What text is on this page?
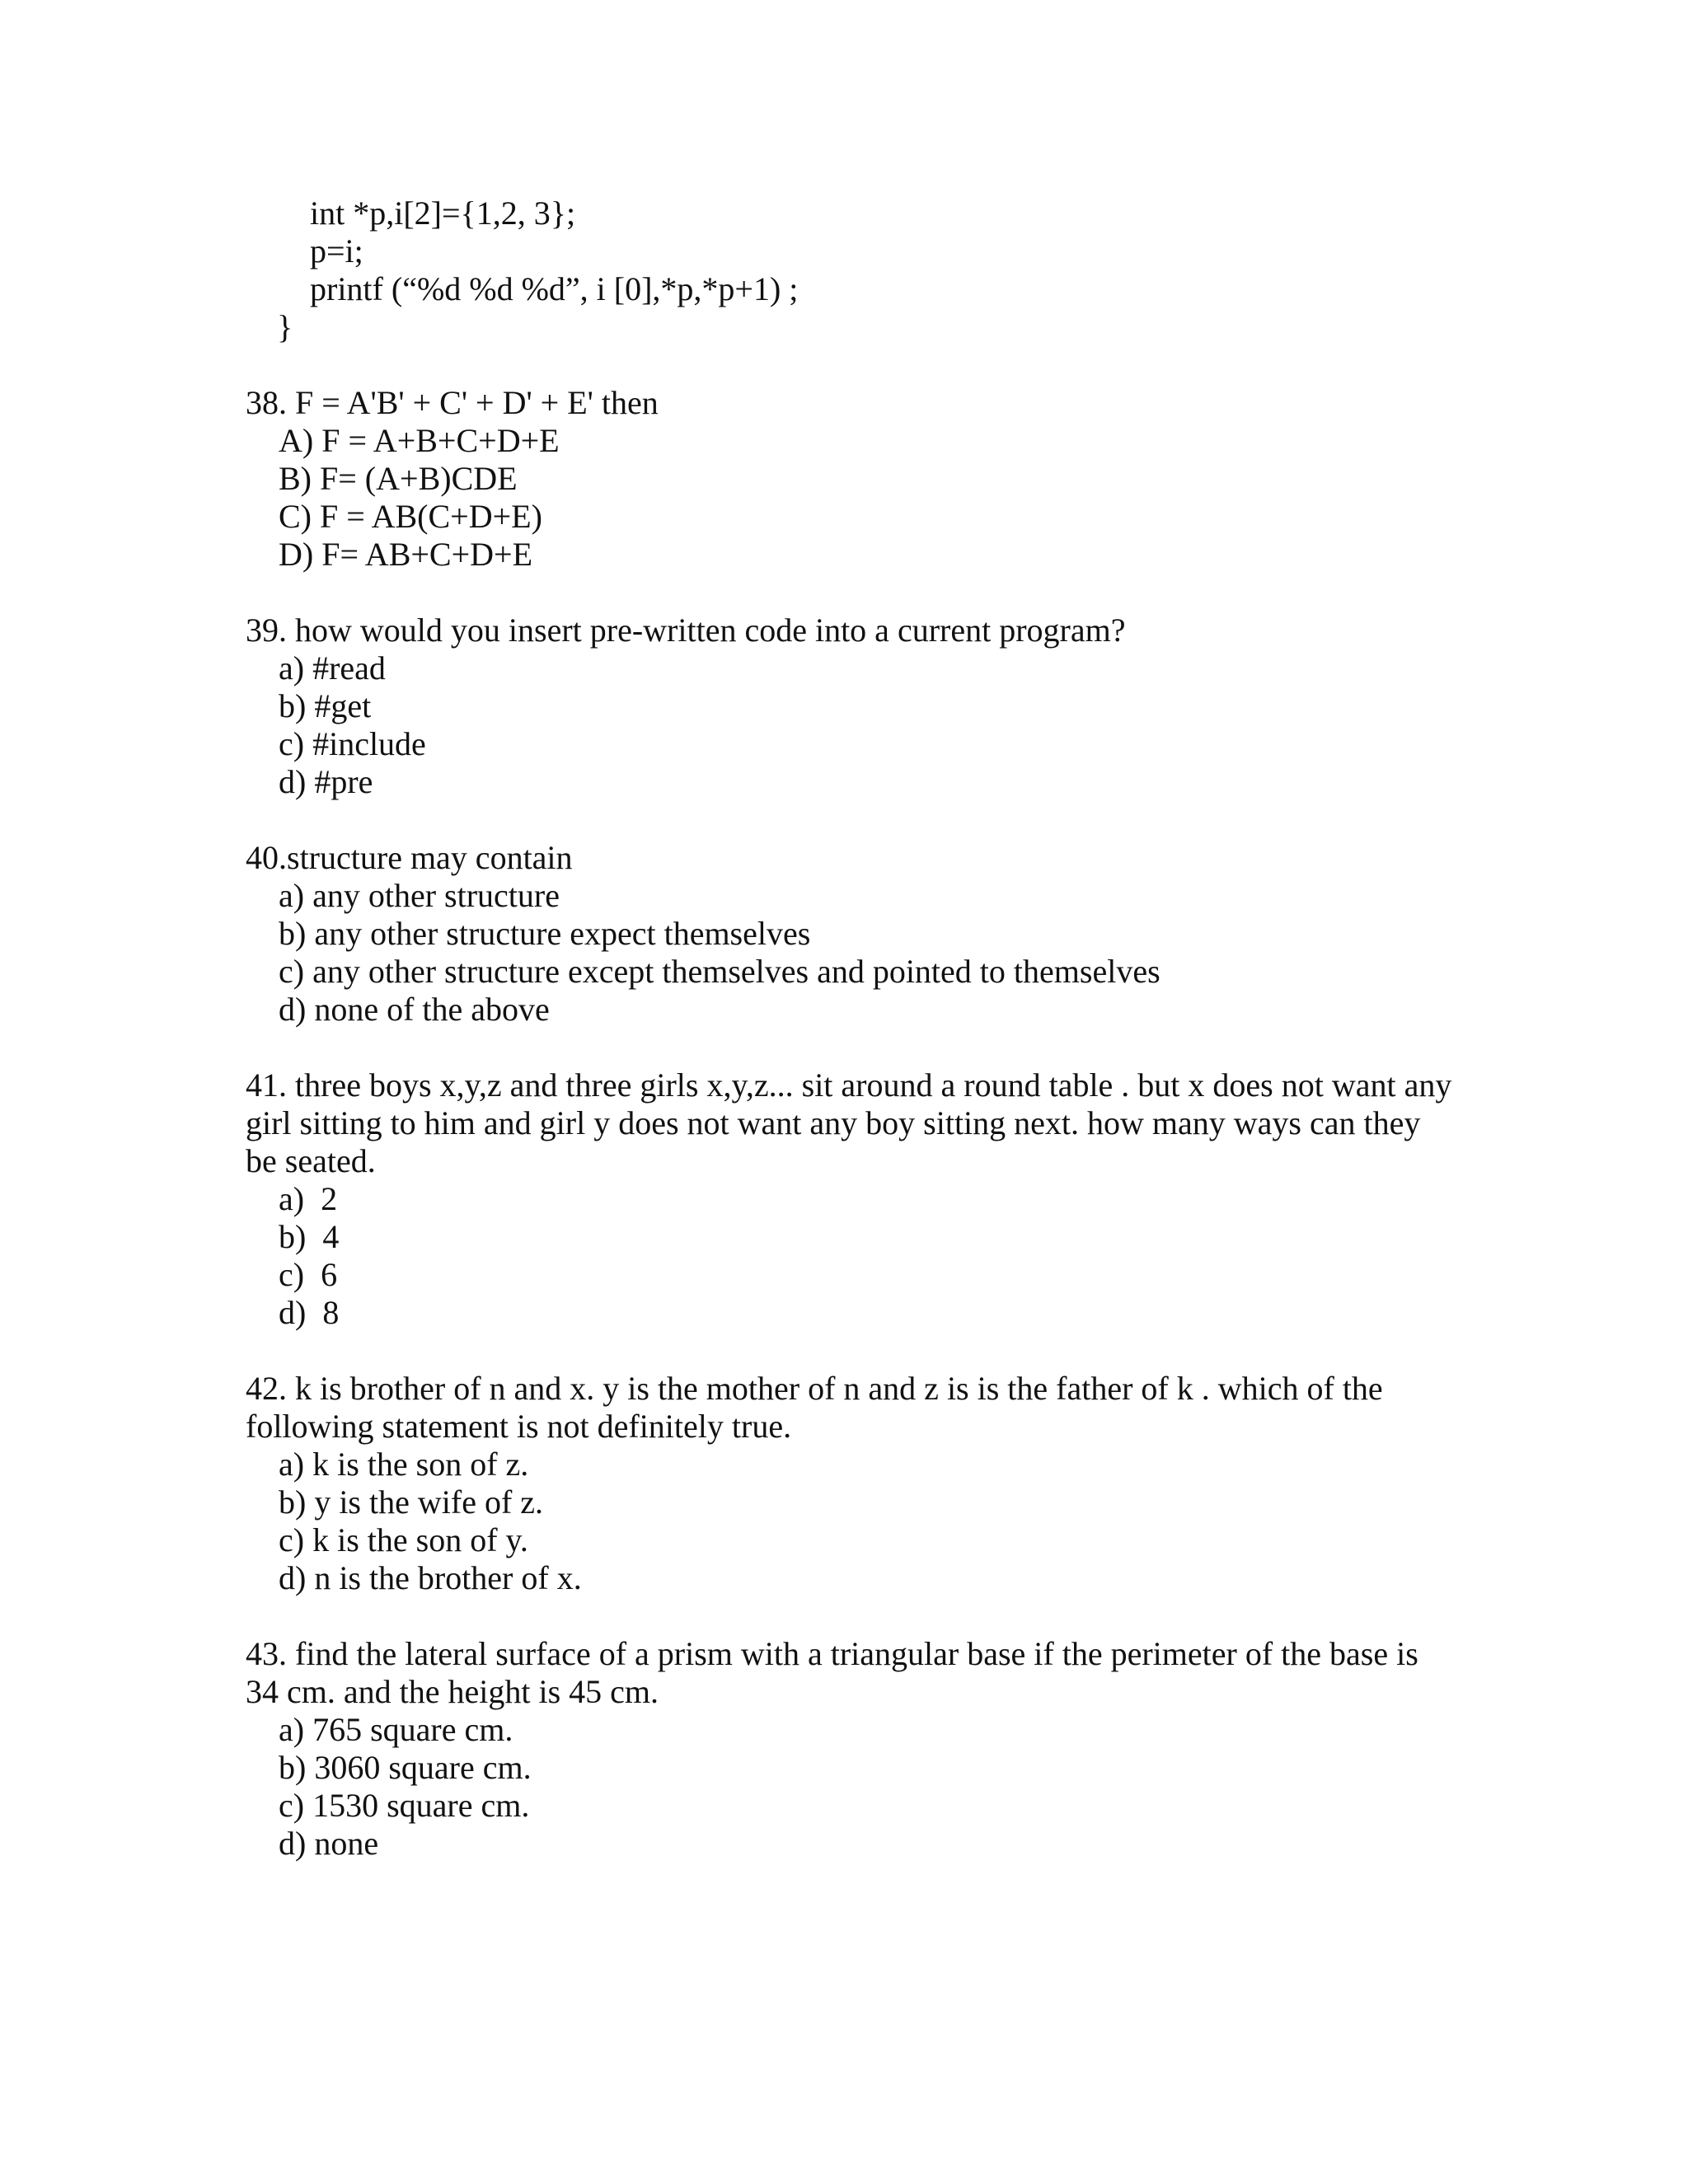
int *p,i[2]={1,2, 3};
p=i;
printf (“%d %d %d”, i [0],*p,*p+1) ;
}
38. F = A'B' + C' + D' + E' then
A) F = A+B+C+D+E
B) F= (A+B)CDE
C) F = AB(C+D+E)
D) F= AB+C+D+E
39. how would you insert pre-written code into a current program?
a) #read
b) #get
c) #include
d) #pre
40.structure may contain
a) any other structure
b) any other structure expect themselves
c) any other structure except themselves and pointed to themselves
d) none of the above
41. three boys x,y,z and three girls x,y,z... sit around a round table . but x does not want any girl sitting to him and girl y does not want any boy sitting next. how many ways can they be seated.
a)  2
b)  4
c)  6
d)  8
42. k is brother of n and x. y is the mother of n and z is is the father of k . which of the following statement is not definitely true.
a) k is the son of z.
b) y is the wife of z.
c) k is the son of y.
d) n is the brother of x.
43. find the lateral surface of a prism with a triangular base if the perimeter of the base is 34 cm. and the height is 45 cm.
a) 765 square cm.
b) 3060 square cm.
c) 1530 square cm.
d) none
